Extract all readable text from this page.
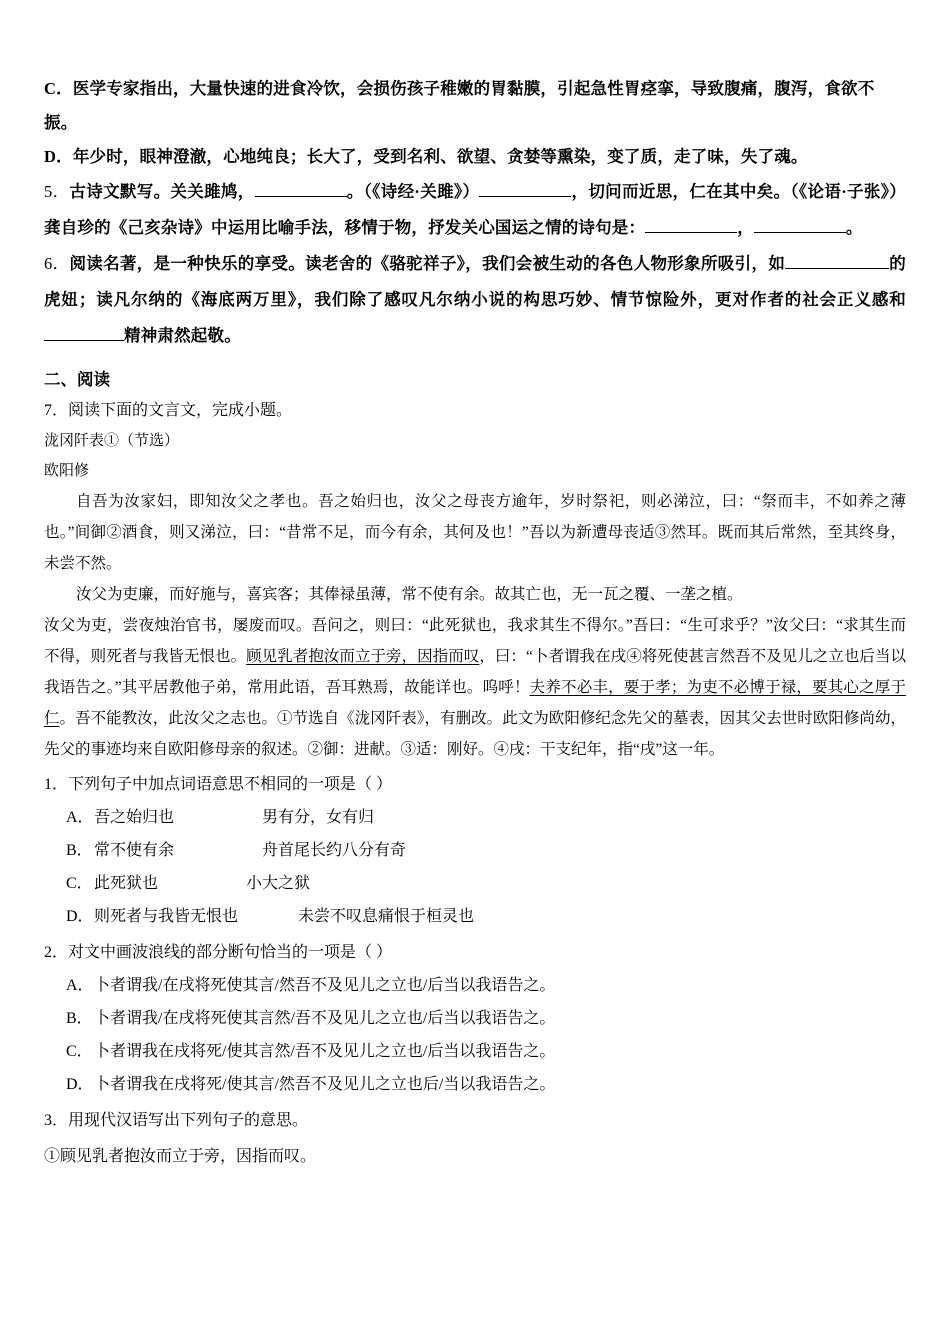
C．医学专家指出，大量快速的进食冷饮，会损伤孩子稚嫩的胃黏膜，引起急性胃痉挛，导致腹痛，腹泻，食欲不振。

D．年少时，眼神澄澈，心地纯良；长大了，受到名利、欲望、贪婪等熏染，变了质，走了味，失了魂。

5．古诗文默写。关关雎鸠，	。（《诗经·关雎》）	，切问而近思，仁在其中矣。（《论语·子张》）龚自珍的《己亥杂诗》中运用比喻手法，移情于物，抒发关心国运之情的诗句是：	，	。

6．阅读名著，是一种快乐的享受。读老舍的《骆驼祥子》，我们会被生动的各色人物形象所吸引，如	的虎妞；读凡尔纳的《海底两万里》，我们除了感叹凡尔纳小说的构思巧妙、情节惊险外，更对作者的社会正义感和精神肃然起敬。

二、阅读

7．阅读下面的文言文，完成小题。

泷冈阡表①（节选）

欧阳修

自吾为汝家妇，即知汝父之孝也。吾之始归也，汝父之母丧方逾年，岁时祭祀，则必涕泣，曰：“祭而丰，不如养之薄也。”间御②酒食，则又涕泣，曰：“昔常不足，而今有余，其何及也！”吾以为新遭母丧适③然耳。既而其后常然，至其终身，未尝不然。

汝父为吏廉，而好施与，喜宾客；其俸禄虽薄，常不使有余。故其亡也，无一瓦之覆、一垄之植。

汝父为吏，尝夜烛治官书，屡废而叹。吾问之，则曰：“此死狱也，我求其生不得尔。”吾曰：“生可求乎？”汝父曰：“求其生而不得，则死者与我皆无恨也。顾见乳者抱汝而立于旁，因指而叹，曰：“卜者谓我在戌④将死使甚言然吾不及见儿之立也后当以我语告之。”其平居教他子弟，常用此语，吾耳熟焉，故能详也。呜呼！夫养不必丰，要于孝；为吏不必博于禄，要其心之厚于仁。吾不能教汝，此汝父之志也。①节选自《泷冈阡表》，有删改。此文为欧阳修纪念先父的墓表，因其父去世时欧阳修尚幼，先父的事迹均来自欧阳修母亲的叙述。②御：进献。③适：刚好。④戌：干支纪年，指“戌”这一年。

1．下列句子中加点词语意思不相同的一项是（ ）

A．吾之始归也	男有分，女有归

B．常不使有余	舟首尾长约八分有奇

C．此死狱也	小大之狱

D．则死者与我皆无恨也	未尝不叹息痛恨于桓灵也

2．对文中画波浪线的部分断句恰当的一项是（ ）

A．卜者谓我/在戌将死使其言/然吾不及见儿之立也/后当以我语告之。

B．卜者谓我/在戌将死使其言然/吾不及见儿之立也/后当以我语告之。

C．卜者谓我在戌将死/使其言然/吾不及见儿之立也/后当以我语告之。

D．卜者谓我在戌将死/使其言/然吾不及见儿之立也后/当以我语告之。

3．用现代汉语写出下列句子的意思。

①顾见乳者抱汝而立于旁，因指而叹。
